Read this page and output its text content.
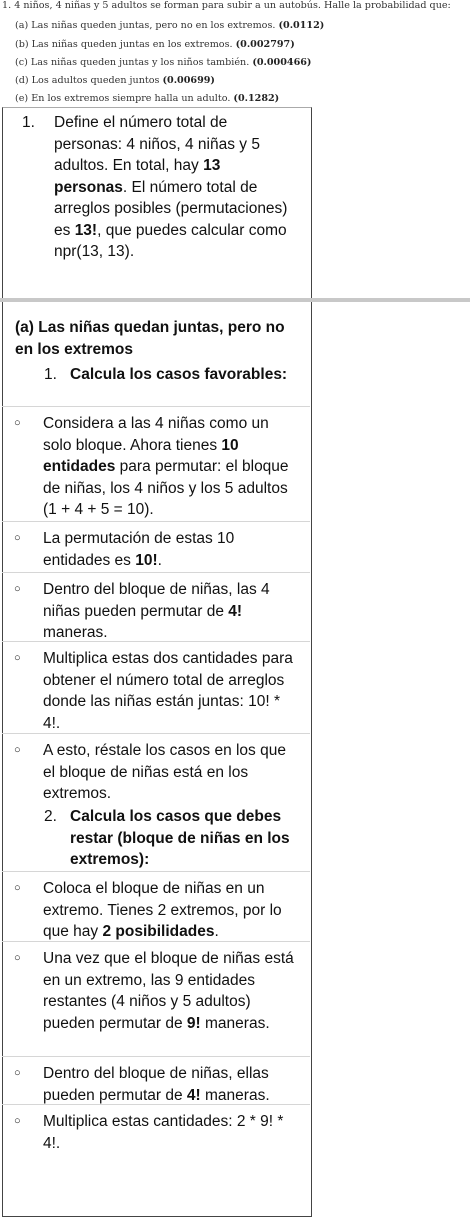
1. 4 niños, 4 niñas y 5 adultos se forman para subir a un autobús. Halle la probabilidad que:
(a) Las niñas queden juntas, pero no en los extremos. (0.0112)
(b) Las niñas queden juntas en los extremos. (0.002797)
(c) Las niñas queden juntas y los niños también. (0.000466)
(d) Los adultos queden juntos (0.00699)
(e) En los extremos siempre halla un adulto. (0.1282)
1. Define el número total de personas: 4 niños, 4 niñas y 5 adultos. En total, hay 13 personas. El número total de arreglos posibles (permutaciones) es 13!, que puedes calcular como npr(13, 13).
(a) Las niñas quedan juntas, pero no en los extremos
1. Calcula los casos favorables:
○ Considera a las 4 niñas como un solo bloque. Ahora tienes 10 entidades para permutar: el bloque de niñas, los 4 niños y los 5 adultos (1 + 4 + 5 = 10).
○ La permutación de estas 10 entidades es 10!.
○ Dentro del bloque de niñas, las 4 niñas pueden permutar de 4! maneras.
○ Multiplica estas dos cantidades para obtener el número total de arreglos donde las niñas están juntas: 10! * 4!.
○ A esto, réstale los casos en los que el bloque de niñas está en los extremos.
2. Calcula los casos que debes restar (bloque de niñas en los extremos):
○ Coloca el bloque de niñas en un extremo. Tienes 2 extremos, por lo que hay 2 posibilidades.
○ Una vez que el bloque de niñas está en un extremo, las 9 entidades restantes (4 niños y 5 adultos) pueden permutar de 9! maneras.
○ Dentro del bloque de niñas, ellas pueden permutar de 4! maneras.
○ Multiplica estas cantidades: 2 * 9! * 4!.
